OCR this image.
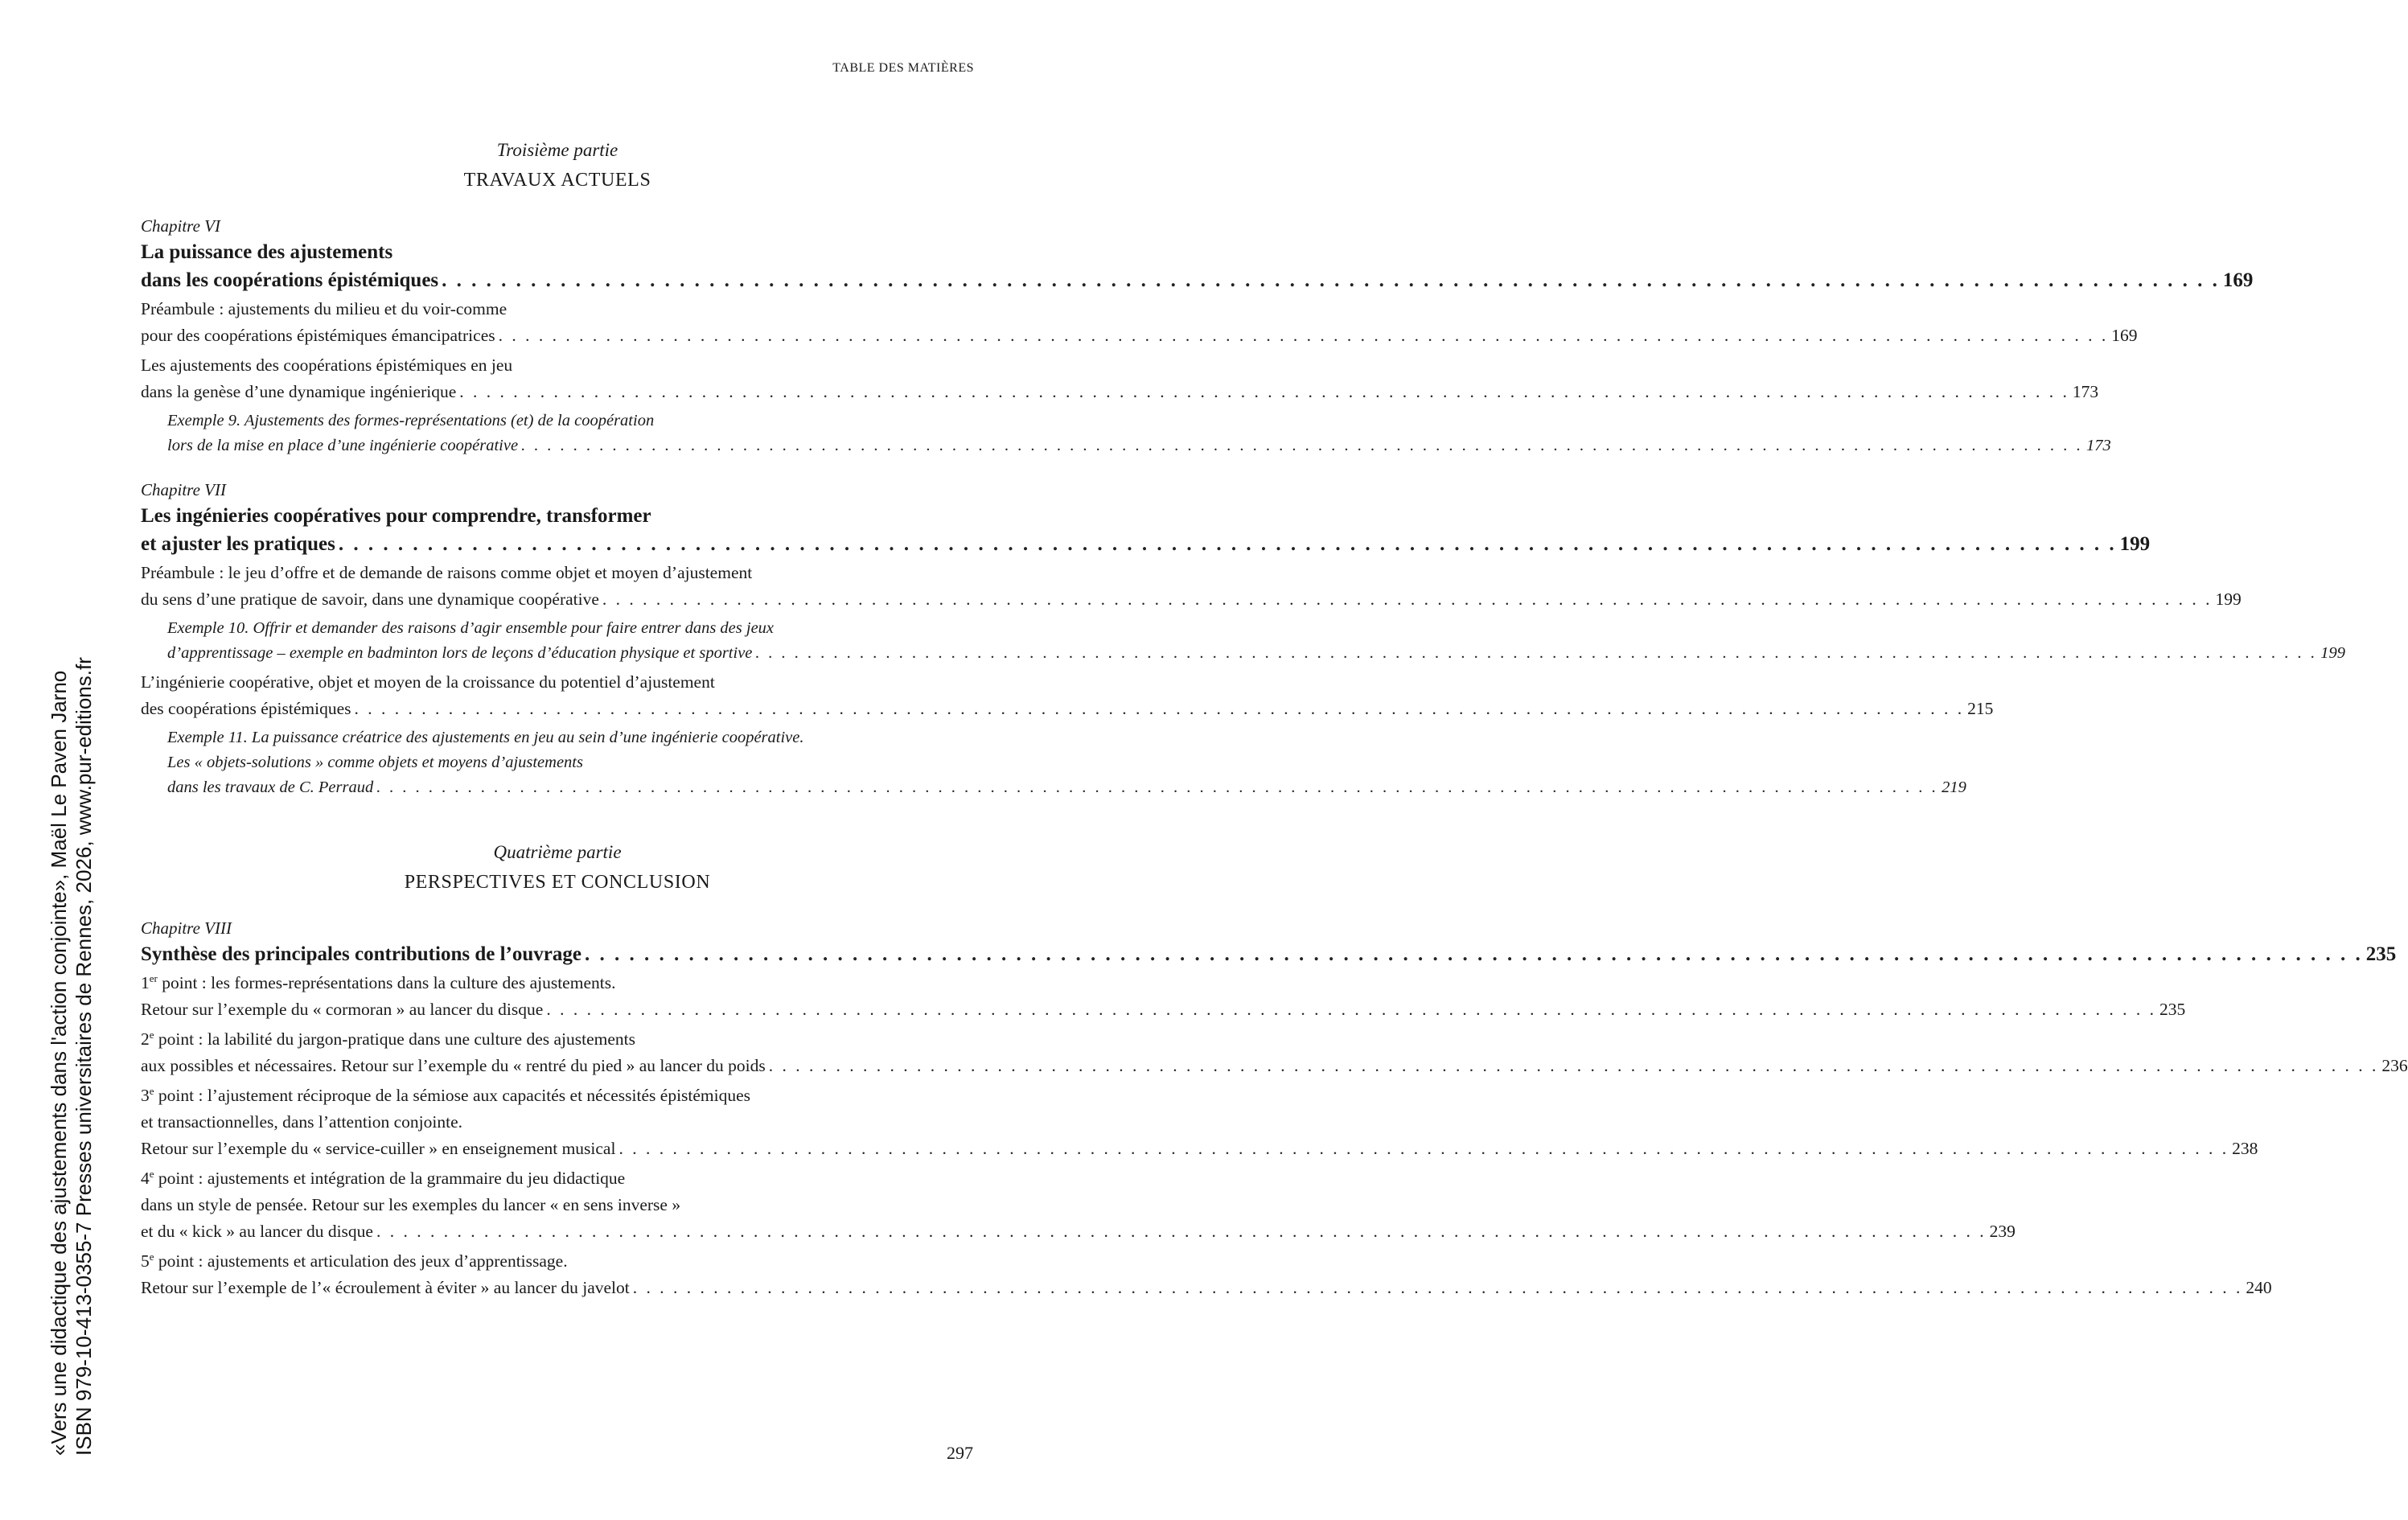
TABLE DES MATIÈRES
«Vers une didactique des ajustements dans l'action conjointe», Maël Le Paven Jarno ISBN 979-10-413-0355-7 Presses universitaires de Rennes, 2026, www.pur-editions.fr
Troisième partie
TRAVAUX ACTUELS
Chapitre VI
La puissance des ajustements
dans les coopérations épistémiques . . . . . . . . . . . . . . . . . . . . . . . . . . . . . . . . . . . . . . . . . . . . . . . . . . . . . . . . . . . . . . . . . . . . . . . . . . . . . . . . . . . . . . . . . . . . . . . . . . . . . . . . . . . . . . . . . . . . . . . . 169
Préambule : ajustements du milieu et du voir-comme
pour des coopérations épistémiques émancipatrices . . . . . . . . . . . . . . . . . . . . . . . . . . . . . . . . . . . . . . . . . . . . . . . . . . . . . . . . . . . . . . . . . . . . . . . . . . . . . . . . . . . . . . . . . . . . . . . . . . . . . . . . . . . . . . . . . . . . . . . . 169
Les ajustements des coopérations épistémiques en jeu
dans la genèse d’une dynamique ingénierique . . . . . . . . . . . . . . . . . . . . . . . . . . . . . . . . . . . . . . . . . . . . . . . . . . . . . . . . . . . . . . . . . . . . . . . . . . . . . . . . . . . . . . . . . . . . . . . . . . . . . . . . . . . . . . . . . . . . . . . . 173
Exemple 9. Ajustements des formes-représentations (et) de la coopération
lors de la mise en place d’une ingénierie coopérative . . . . . . . . . . . . . . . . . . . . . . . . . . . . . . . . . . . . . . . . . . . . . . . . . . . . . . . . . . . . . . . . . . . . . . . . . . . . . . . . . . . . . . . . . . . . . . . . . . . . . . . . . . . . . . . . . . . . . . . . 173
Chapitre VII
Les ingénieries coopératives pour comprendre, transformer
et ajuster les pratiques . . . . . . . . . . . . . . . . . . . . . . . . . . . . . . . . . . . . . . . . . . . . . . . . . . . . . . . . . . . . . . . . . . . . . . . . . . . . . . . . . . . . . . . . . . . . . . . . . . . . . . . . . . . . . . . . . . . . . . . . 199
Préambule : le jeu d’offre et de demande de raisons comme objet et moyen d’ajustement
du sens d’une pratique de savoir, dans une dynamique coopérative . . . . . . . . . . . . . . . . . . . . . . . . . . . . . . . . . . . . . . . . . . . . . . . . . . . . . . . . . . . . . . . . . . . . . . . . . . . . . . . . . . . . . . . . . . . . . . . . . . . . . . . . . . . . . . . . . . . . . . . . 199
Exemple 10. Offrir et demander des raisons d’agir ensemble pour faire entrer dans des jeux
d’apprentissage – exemple en badminton lors de leçons d’éducation physique et sportive . . . . . . . . . . . . . . . . . . . . . . . . . . . . . . . . . . . . . . . . . . . . . . . . . . . . . . . . . . . . . . . . . . . . . . . . . . . . . . . . . . . . . . . . . . . . . . . . . . . . . . . . . . . . . . . . . . . . . . . . 199
L’ingénierie coopérative, objet et moyen de la croissance du potentiel d’ajustement
des coopérations épistémiques . . . . . . . . . . . . . . . . . . . . . . . . . . . . . . . . . . . . . . . . . . . . . . . . . . . . . . . . . . . . . . . . . . . . . . . . . . . . . . . . . . . . . . . . . . . . . . . . . . . . . . . . . . . . . . . . . . . . . . . . 215
Exemple 11. La puissance créatrice des ajustements en jeu au sein d’une ingénierie coopérative.
Les « objets-solutions » comme objets et moyens d’ajustements
dans les travaux de C. Perraud . . . . . . . . . . . . . . . . . . . . . . . . . . . . . . . . . . . . . . . . . . . . . . . . . . . . . . . . . . . . . . . . . . . . . . . . . . . . . . . . . . . . . . . . . . . . . . . . . . . . . . . . . . . . . . . . . . . . . . . . 219
Quatrième partie
PERSPECTIVES ET CONCLUSION
Chapitre VIII
Synthèse des principales contributions de l’ouvrage . . . . . . . . . . . . . . . . . . . . . . . . . . . . . . . . . . . . . . . . . . . . . . . . . . . . . . . . . . . . . . . . . . . . . . . . . . . . . . . . . . . . . . . . . . . . . . . . . . . . . . . . . . . . . . . . . . . . . . . . 235
1er point : les formes-représentations dans la culture des ajustements.
Retour sur l’exemple du « cormoran » au lancer du disque . . . . . . . . . . . . . . . . . . . . . . . . . . . . . . . . . . . . . . . . . . . . . . . . . . . . . . . . . . . . . . . . . . . . . . . . . . . . . . . . . . . . . . . . . . . . . . . . . . . . . . . . . . . . . . . . . . . . . . . . 235
2e point : la labilité du jargon-pratique dans une culture des ajustements
aux possibles et nécessaires. Retour sur l’exemple du « rentré du pied » au lancer du poids . . . . . . . . . . . . . . . . . . . . . . . . . . . . . . . . . . . . . . . . . . . . . . . . . . . . . . . . . . . . . . . . . . . . . . . . . . . . . . . . . . . . . . . . . . . . . . . . . . . . . . . . . . . . . . . . . . . . . . . . 236
3e point : l’ajustement réciproque de la sémiose aux capacités et nécessités épistémiques
et transactionnelles, dans l’attention conjointe.
Retour sur l’exemple du « service-cuiller » en enseignement musical . . . . . . . . . . . . . . . . . . . . . . . . . . . . . . . . . . . . . . . . . . . . . . . . . . . . . . . . . . . . . . . . . . . . . . . . . . . . . . . . . . . . . . . . . . . . . . . . . . . . . . . . . . . . . . . . . . . . . . . . 238
4e point : ajustements et intégration de la grammaire du jeu didactique
dans un style de pensée. Retour sur les exemples du lancer « en sens inverse »
et du « kick » au lancer du disque . . . . . . . . . . . . . . . . . . . . . . . . . . . . . . . . . . . . . . . . . . . . . . . . . . . . . . . . . . . . . . . . . . . . . . . . . . . . . . . . . . . . . . . . . . . . . . . . . . . . . . . . . . . . . . . . . . . . . . . . 239
5e point : ajustements et articulation des jeux d’apprentissage.
Retour sur l’exemple de l’« écroulement à éviter » au lancer du javelot . . . . . . . . . . . . . . . . . . . . . . . . . . . . . . . . . . . . . . . . . . . . . . . . . . . . . . . . . . . . . . . . . . . . . . . . . . . . . . . . . . . . . . . . . . . . . . . . . . . . . . . . . . . . . . . . . . . . . . . . 240
297
